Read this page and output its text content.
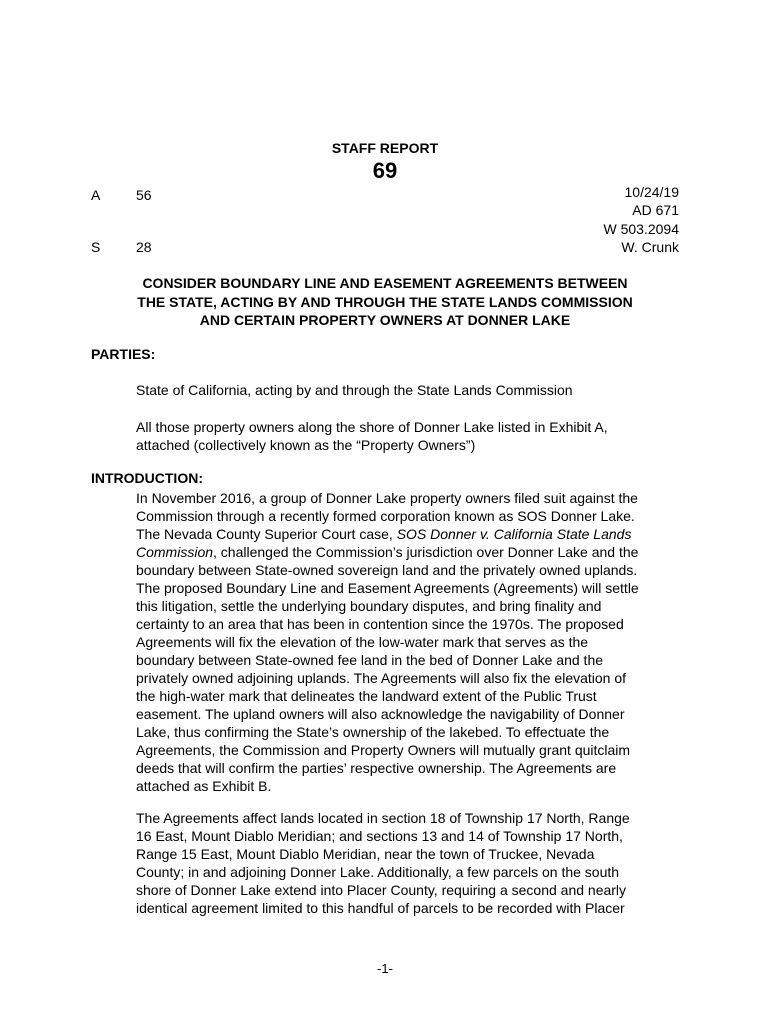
STAFF REPORT
69
A	56
S	28
10/24/19
AD 671
W 503.2094
W. Crunk
CONSIDER BOUNDARY LINE AND EASEMENT AGREEMENTS BETWEEN
THE STATE, ACTING BY AND THROUGH THE STATE LANDS COMMISSION
AND CERTAIN PROPERTY OWNERS AT DONNER LAKE
PARTIES:
State of California, acting by and through the State Lands Commission
All those property owners along the shore of Donner Lake listed in Exhibit A,
attached (collectively known as the “Property Owners”)
INTRODUCTION:
In November 2016, a group of Donner Lake property owners filed suit against the
Commission through a recently formed corporation known as SOS Donner Lake.
The Nevada County Superior Court case, SOS Donner v. California State Lands
Commission, challenged the Commission’s jurisdiction over Donner Lake and the
boundary between State-owned sovereign land and the privately owned uplands.
The proposed Boundary Line and Easement Agreements (Agreements) will settle
this litigation, settle the underlying boundary disputes, and bring finality and
certainty to an area that has been in contention since the 1970s. The proposed
Agreements will fix the elevation of the low-water mark that serves as the
boundary between State-owned fee land in the bed of Donner Lake and the
privately owned adjoining uplands. The Agreements will also fix the elevation of
the high-water mark that delineates the landward extent of the Public Trust
easement. The upland owners will also acknowledge the navigability of Donner
Lake, thus confirming the State’s ownership of the lakebed. To effectuate the
Agreements, the Commission and Property Owners will mutually grant quitclaim
deeds that will confirm the parties’ respective ownership. The Agreements are
attached as Exhibit B.
The Agreements affect lands located in section 18 of Township 17 North, Range
16 East, Mount Diablo Meridian; and sections 13 and 14 of Township 17 North,
Range 15 East, Mount Diablo Meridian, near the town of Truckee, Nevada
County; in and adjoining Donner Lake. Additionally, a few parcels on the south
shore of Donner Lake extend into Placer County, requiring a second and nearly
identical agreement limited to this handful of parcels to be recorded with Placer
-1-
